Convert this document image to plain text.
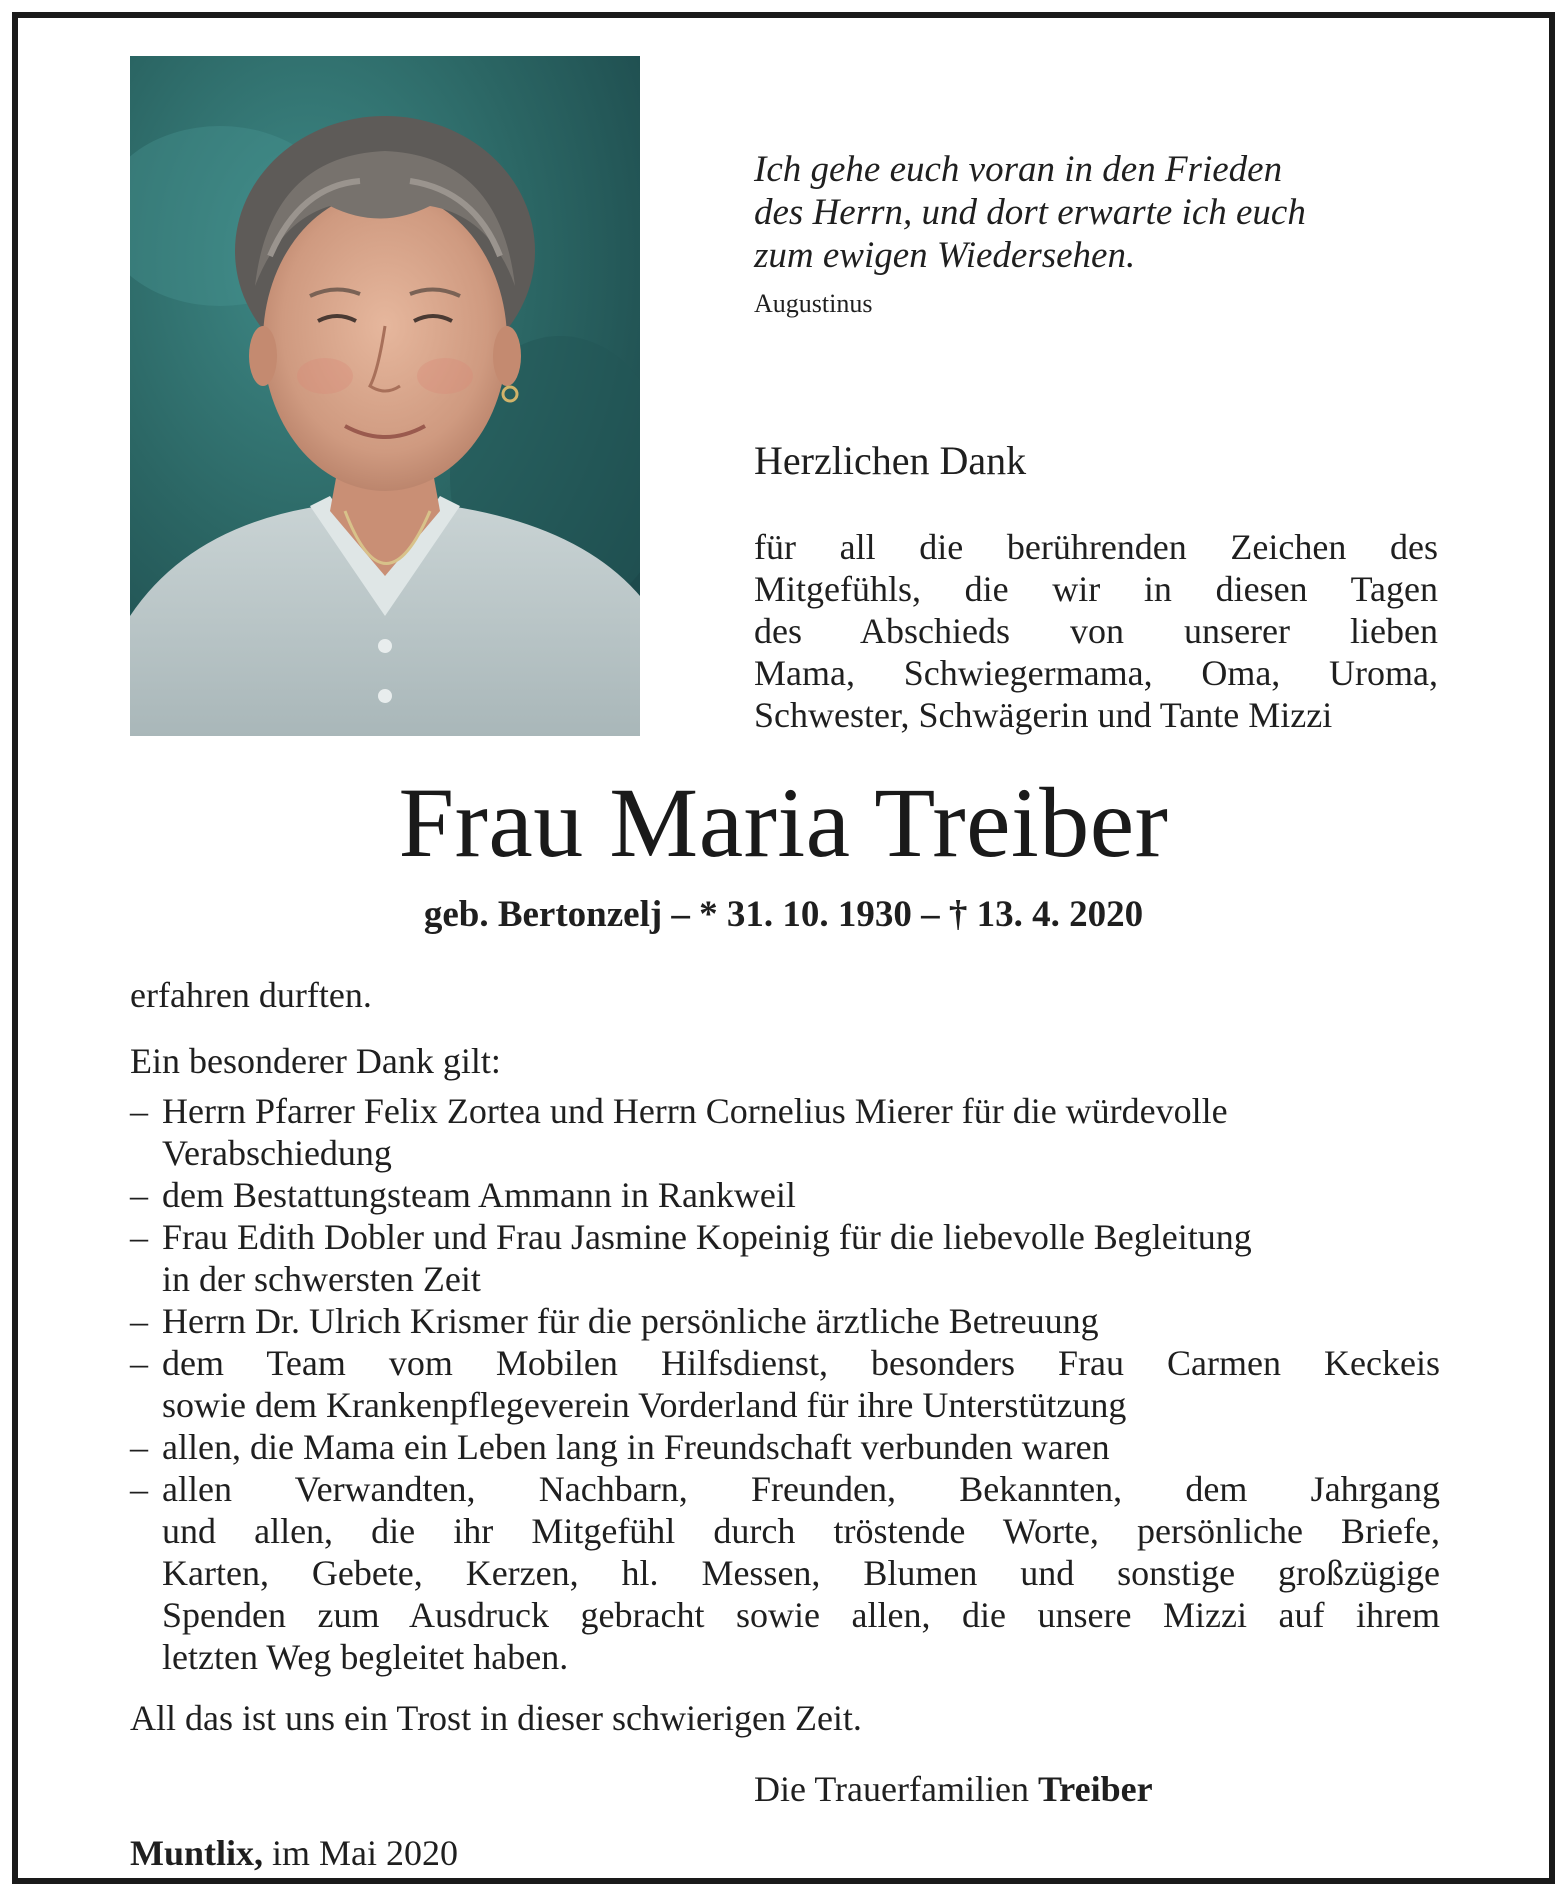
Ich gehe euch voran in den Frieden
des Herrn, und dort erwarte ich euch
zum ewigen Wiedersehen.
Augustinus
Herzlichen Dank
für all die berührenden Zeichen des
Mitgefühls, die wir in diesen Tagen
des Abschieds von unserer lieben
Mama, Schwiegermama, Oma, Uroma,
Schwester, Schwägerin und Tante Mizzi
Frau Maria Treiber
geb. Bertonzelj – * 31. 10. 1930 – † 13. 4. 2020
erfahren durften.
Ein besonderer Dank gilt:
– Herrn Pfarrer Felix Zortea und Herrn Cornelius Mierer für die würdevolle
Verabschiedung
– dem Bestattungsteam Ammann in Rankweil
– Frau Edith Dobler und Frau Jasmine Kopeinig für die liebevolle Begleitung
in der schwersten Zeit
– Herrn Dr. Ulrich Krismer für die persönliche ärztliche Betreuung
– dem Team vom Mobilen Hilfsdienst, besonders Frau Carmen Keckeis
sowie dem Krankenpflegeverein Vorderland für ihre Unterstützung
– allen, die Mama ein Leben lang in Freundschaft verbunden waren
– allen Verwandten, Nachbarn, Freunden, Bekannten, dem Jahrgang
und allen, die ihr Mitgefühl durch tröstende Worte, persönliche Briefe,
Karten, Gebete, Kerzen, hl. Messen, Blumen und sonstige großzügige
Spenden zum Ausdruck gebracht sowie allen, die unsere Mizzi auf ihrem
letzten Weg begleitet haben.
All das ist uns ein Trost in dieser schwierigen Zeit.
Die Trauerfamilien Treiber
Muntlix, im Mai 2020
